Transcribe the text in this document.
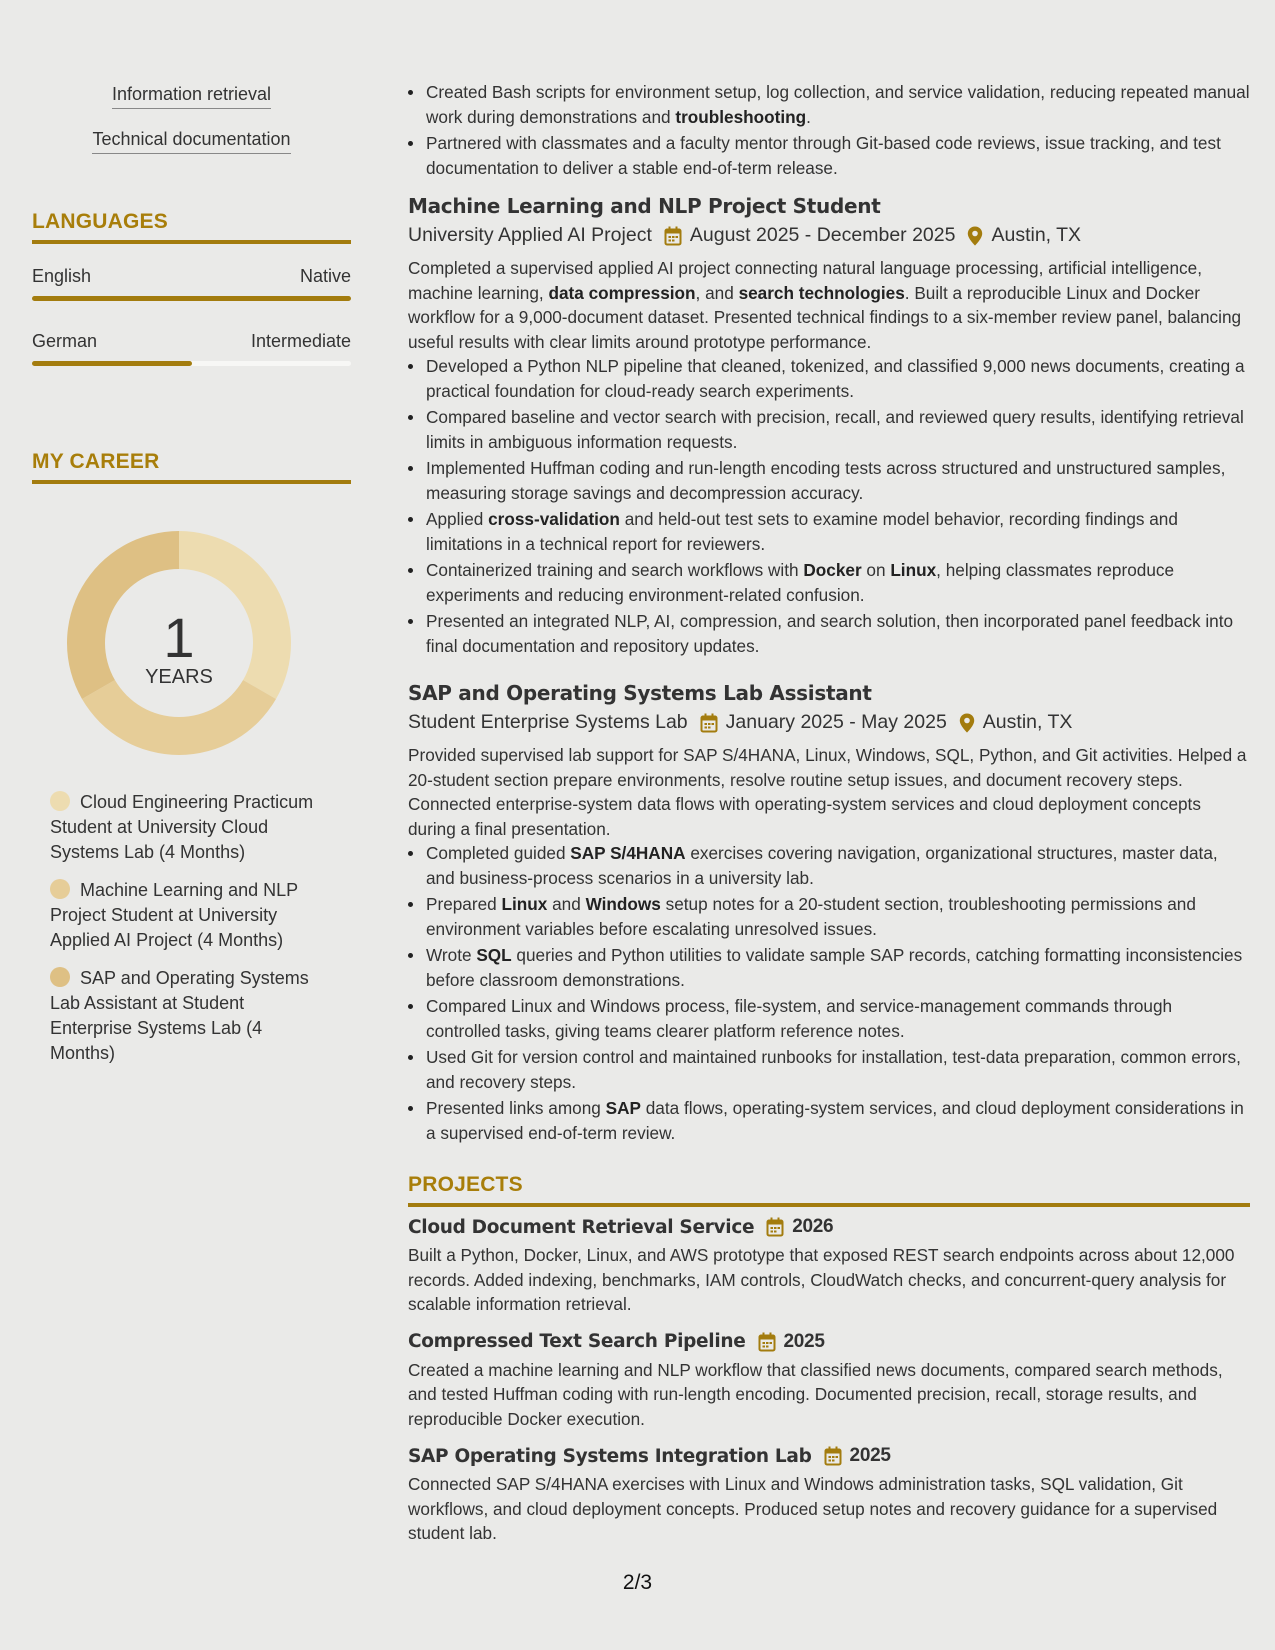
Information retrieval
Technical documentation
LANGUAGES
English	Native
German	Intermediate
MY CAREER
1
YEARS
Cloud Engineering Practicum Student at University Cloud Systems Lab (4 Months)
Machine Learning and NLP Project Student at University Applied AI Project (4 Months)
SAP and Operating Systems Lab Assistant at Student Enterprise Systems Lab (4 Months)
Created Bash scripts for environment setup, log collection, and service validation, reducing repeated manual work during demonstrations and troubleshooting.
Partnered with classmates and a faculty mentor through Git-based code reviews, issue tracking, and test documentation to deliver a stable end-of-term release.
Machine Learning and NLP Project Student
University Applied AI Project August 2025 - December 2025 Austin, TX

Completed a supervised applied AI project connecting natural language processing, artificial intelligence, machine learning, data compression, and search technologies. Built a reproducible Linux and Docker workflow for a 9,000-document dataset. Presented technical findings to a six-member review panel, balancing useful results with clear limits around prototype performance.

Developed a Python NLP pipeline that cleaned, tokenized, and classified 9,000 news documents, creating a practical foundation for cloud-ready search experiments.
Compared baseline and vector search with precision, recall, and reviewed query results, identifying retrieval limits in ambiguous information requests.
Implemented Huffman coding and run-length encoding tests across structured and unstructured samples, measuring storage savings and decompression accuracy.
Applied cross-validation and held-out test sets to examine model behavior, recording findings and limitations in a technical report for reviewers.
Containerized training and search workflows with Docker on Linux, helping classmates reproduce experiments and reducing environment-related confusion.
Presented an integrated NLP, AI, compression, and search solution, then incorporated panel feedback into final documentation and repository updates.
SAP and Operating Systems Lab Assistant
Student Enterprise Systems Lab January 2025 - May 2025 Austin, TX

Provided supervised lab support for SAP S/4HANA, Linux, Windows, SQL, Python, and Git activities. Helped a 20-student section prepare environments, resolve routine setup issues, and document recovery steps. Connected enterprise-system data flows with operating-system services and cloud deployment concepts during a final presentation.

Completed guided SAP S/4HANA exercises covering navigation, organizational structures, master data, and business-process scenarios in a university lab.
Prepared Linux and Windows setup notes for a 20-student section, troubleshooting permissions and environment variables before escalating unresolved issues.
Wrote SQL queries and Python utilities to validate sample SAP records, catching formatting inconsistencies before classroom demonstrations.
Compared Linux and Windows process, file-system, and service-management commands through controlled tasks, giving teams clearer platform reference notes.
Used Git for version control and maintained runbooks for installation, test-data preparation, common errors, and recovery steps.
Presented links among SAP data flows, operating-system services, and cloud deployment considerations in a supervised end-of-term review.
PROJECTS
Cloud Document Retrieval Service 2026

Built a Python, Docker, Linux, and AWS prototype that exposed REST search endpoints across about 12,000 records. Added indexing, benchmarks, IAM controls, CloudWatch checks, and concurrent-query analysis for scalable information retrieval.

Compressed Text Search Pipeline 2025

Created a machine learning and NLP workflow that classified news documents, compared search methods, and tested Huffman coding with run-length encoding. Documented precision, recall, storage results, and reproducible Docker execution.

SAP Operating Systems Integration Lab 2025

Connected SAP S/4HANA exercises with Linux and Windows administration tasks, SQL validation, Git workflows, and cloud deployment concepts. Produced setup notes and recovery guidance for a supervised student lab.

2/3
